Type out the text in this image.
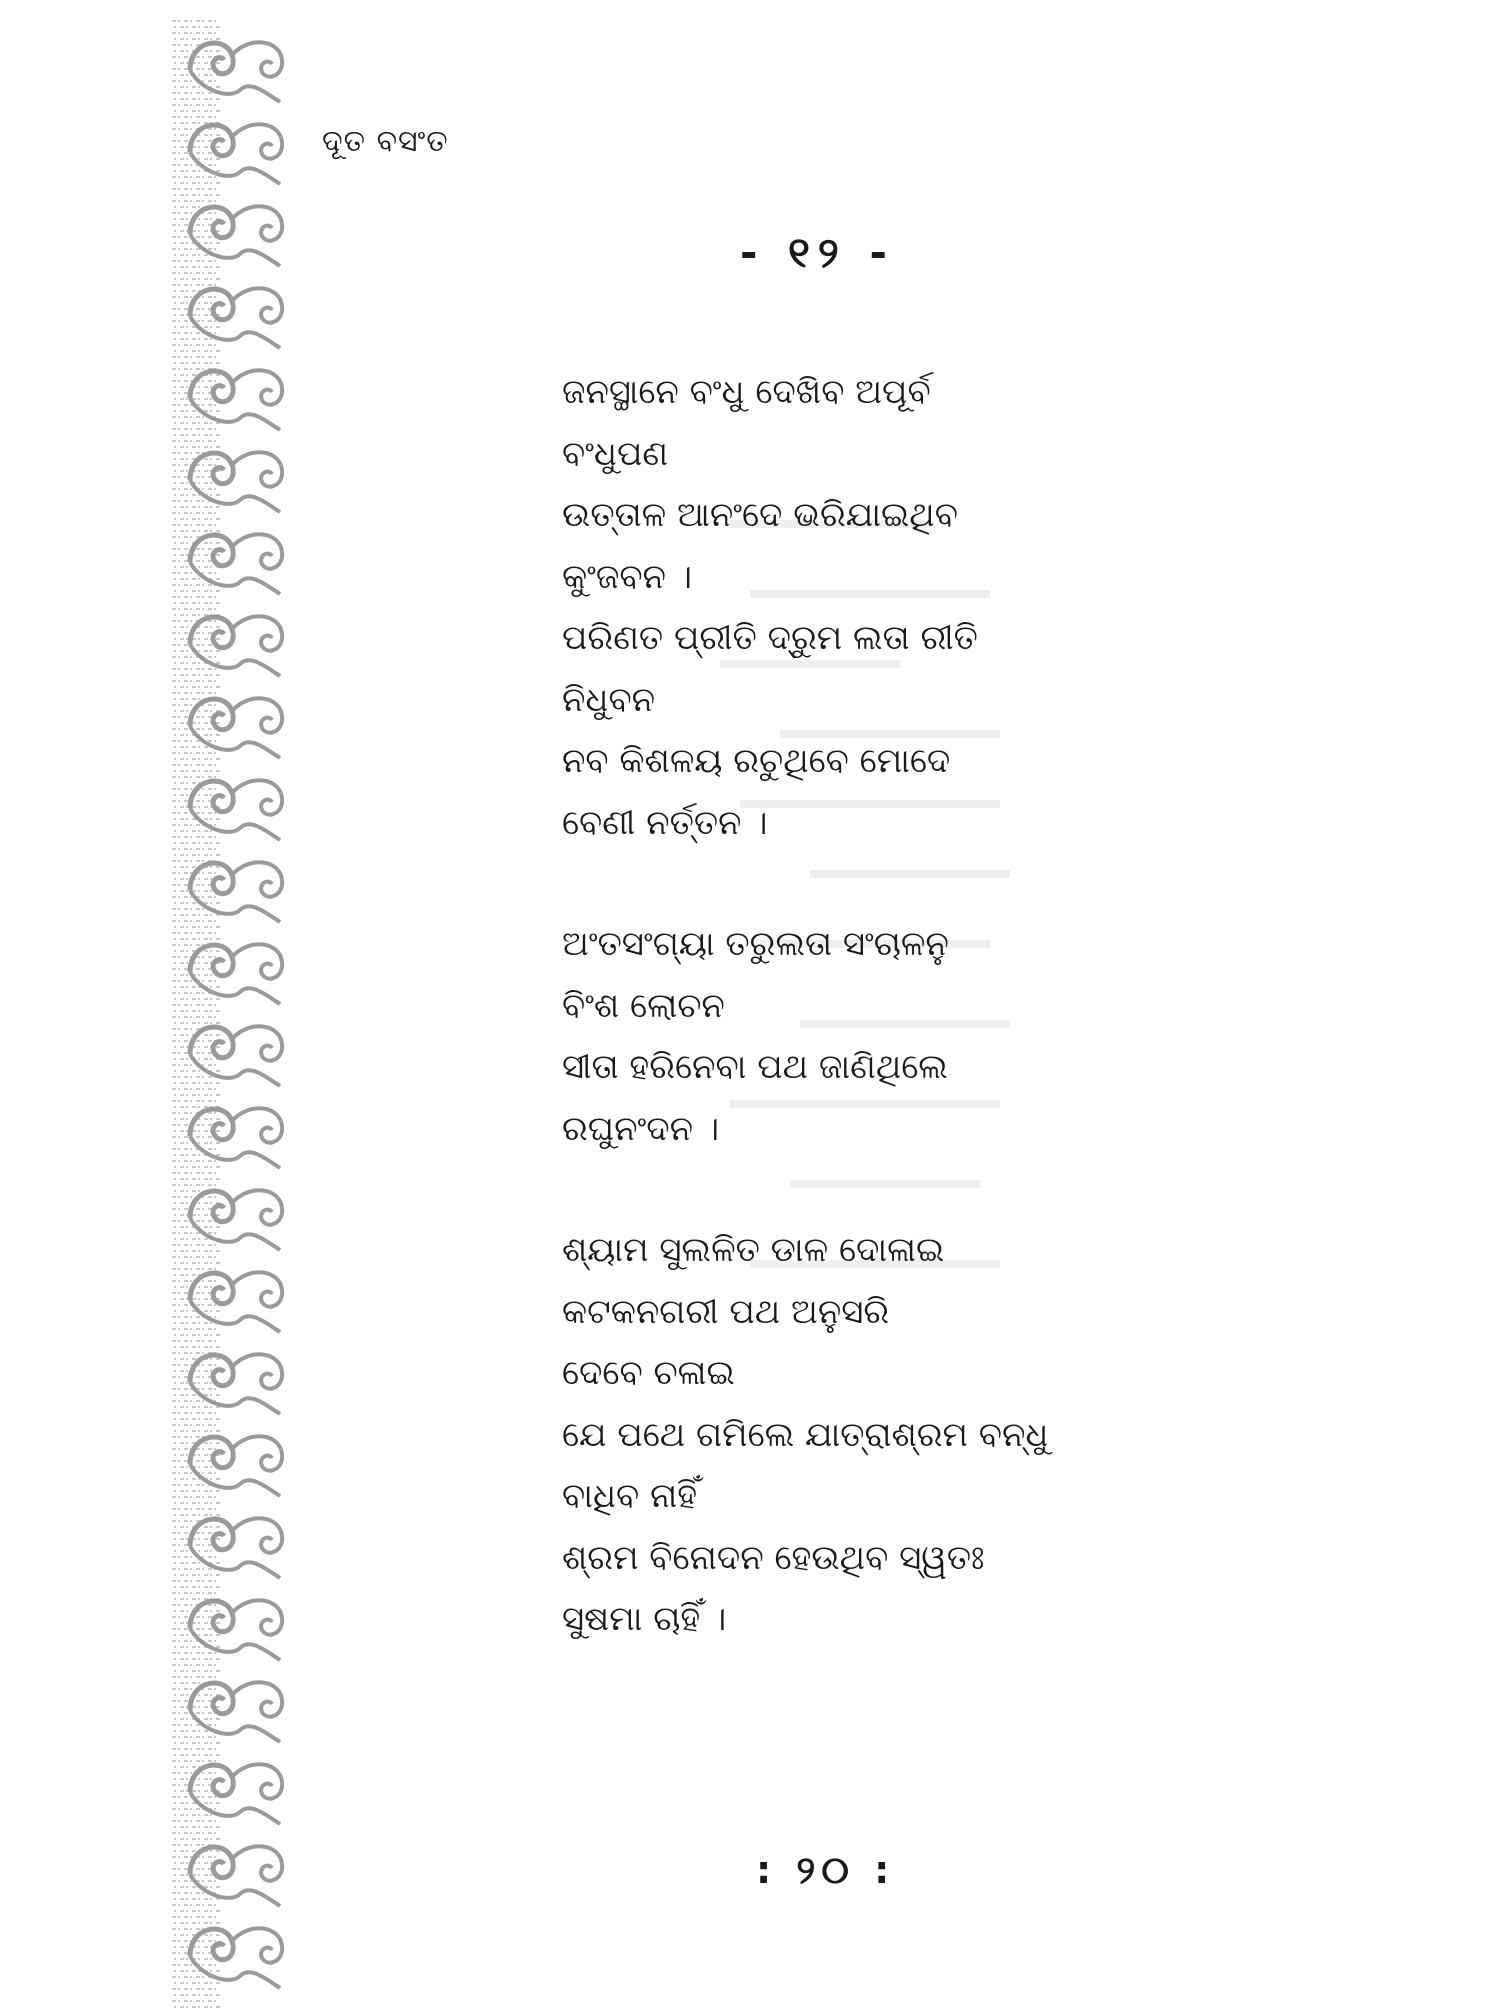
ଦୂତ ବସଂତ
- ୧୨ -
ଜନସ୍ଥାନେ ବଂଧୁ ଦେଖିବ ଅପୂର୍ବ
ବଂଧୁପଣ
ଉତ୍ତାଳ ଆନଂଦେ ଭରିଯାଇଥିବ
କୁଂଜବନ ।
ପରିଣତ ପ୍ରୀତି ଦ୍ରୁମ ଲତା ରୀତି
ନିଧୁବନ
ନବ କିଶଳୟ ରଚୁଥିବେ ମୋଦେ
ବେଣୀ ନର୍ତ୍ତନ ।
ଅଂତସଂଗ୍ୟା ତରୁଲତା ସଂଚାଳନୁ
ବିଂଶ ଲୋଚନ
ସୀତା ହରିନେବା ପଥ ଜାଣିଥିଲେ
ରଘୁନଂଦନ ।
ଶ୍ୟାମ ସୁଲଳିତ ଡାଳ ଦୋଳାଇ
କଟକନଗରୀ ପଥ ଅନୁସରି
ଦେବେ ଚଳାଇ
ଯେ ପଥେ ଗମିଲେ ଯାତ୍ରାଶ୍ରମ ବନ୍ଧୁ
ବାଧିବ ନାହିଁ
ଶ୍ରମ ବିନୋଦନ ହେଉଥିବ ସ୍ୱତଃ
ସୁଷମା ଚାହିଁ ।
: ୨୦ :
